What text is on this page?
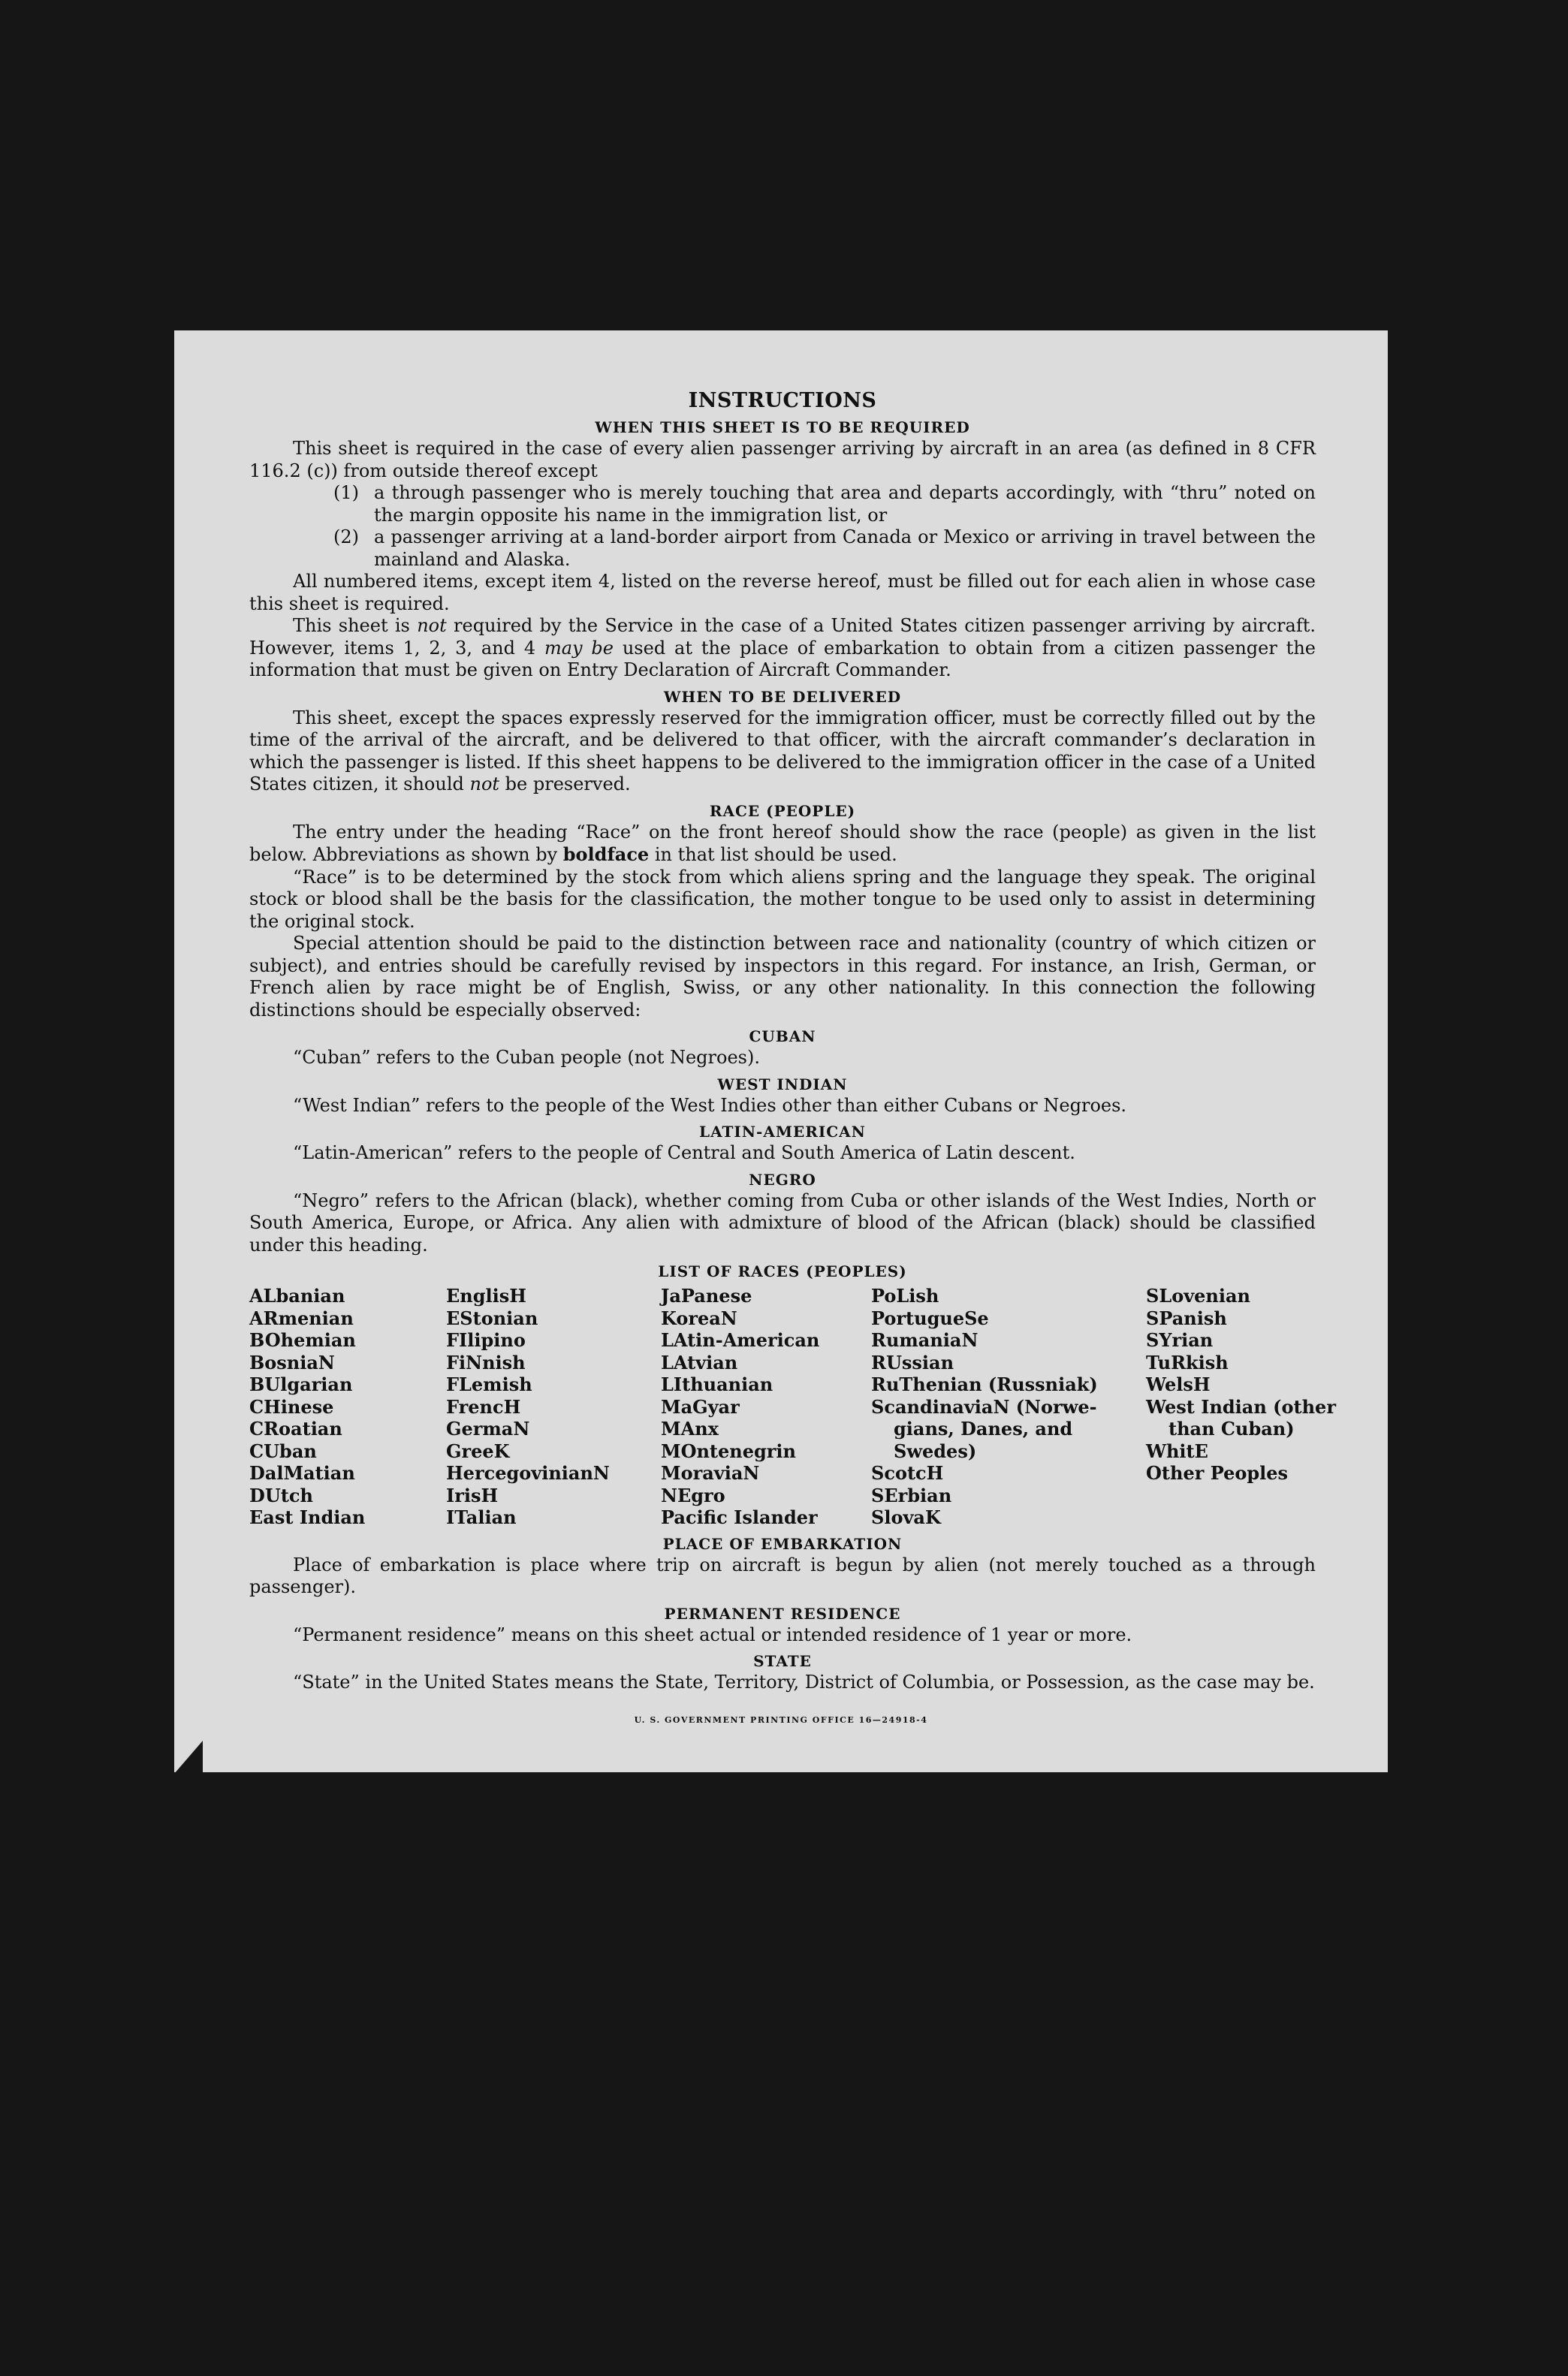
INSTRUCTIONS
WHEN THIS SHEET IS TO BE REQUIRED

This sheet is required in the case of every alien passenger arriving by aircraft in an area (as defined in 8 CFR 116.2 (c)) from outside thereof except

(1) a through passenger who is merely touching that area and departs accordingly, with “thru” noted on the margin opposite his name in the immigration list, or
(2) a passenger arriving at a land-border airport from Canada or Mexico or arriving in travel between the mainland and Alaska.

All numbered items, except item 4, listed on the reverse hereof, must be filled out for each alien in whose case this sheet is required.

This sheet is not required by the Service in the case of a United States citizen passenger arriving by aircraft. However, items 1, 2, 3, and 4 may be used at the place of embarkation to obtain from a citizen passenger the information that must be given on Entry Declaration of Aircraft Commander.

WHEN TO BE DELIVERED

This sheet, except the spaces expressly reserved for the immigration officer, must be correctly filled out by the time of the arrival of the aircraft, and be delivered to that officer, with the aircraft commander’s declaration in which the passenger is listed. If this sheet happens to be delivered to the immigration officer in the case of a United States citizen, it should not be preserved.

RACE (PEOPLE)

The entry under the heading “Race” on the front hereof should show the race (people) as given in the list below. Abbreviations as shown by boldface in that list should be used.

“Race” is to be determined by the stock from which aliens spring and the language they speak. The original stock or blood shall be the basis for the classification, the mother tongue to be used only to assist in determining the original stock.

Special attention should be paid to the distinction between race and nationality (country of which citizen or subject), and entries should be carefully revised by inspectors in this regard. For instance, an Irish, German, or French alien by race might be of English, Swiss, or any other nationality. In this connection the following distinctions should be especially observed:

CUBAN

“Cuban” refers to the Cuban people (not Negroes).

WEST INDIAN

“West Indian” refers to the people of the West Indies other than either Cubans or Negroes.

LATIN-AMERICAN

“Latin-American” refers to the people of Central and South America of Latin descent.

NEGRO

“Negro” refers to the African (black), whether coming from Cuba or other islands of the West Indies, North or South America, Europe, or Africa. Any alien with admixture of blood of the African (black) should be classified under this heading.

LIST OF RACES (PEOPLES)
ALbanian
ARmenian
BOhemian
BosniaN
BUlgarian
CHinese
CRoatian
CUban
DalMatian
DUtch
East Indian
EnglisH
EStonian
FIlipino
FiNnish
FLemish
FrencH
GermaN
GreeK
HercegovinianN
IrisH
ITalian
JaPanese
KoreaN
LAtin-American
LAtvian
LIthuanian
MaGyar
MAnx
MOntenegrin
MoraviaN
NEgro
Pacific Islander
PoLish
PortugueSe
RumaniaN
RUssian
RuThenian (Russniak)
ScandinaviaN (Norwe-
gians, Danes, and
Swedes)
ScotcH
SErbian
SlovaK
SLovenian
SPanish
SYrian
TuRkish
WelsH
West Indian (other
than Cuban)
WhitE
Other Peoples
PLACE OF EMBARKATION

Place of embarkation is place where trip on aircraft is begun by alien (not merely touched as a through passenger).

PERMANENT RESIDENCE

“Permanent residence” means on this sheet actual or intended residence of 1 year or more.

STATE

“State” in the United States means the State, Territory, District of Columbia, or Possession, as the case may be.

U. S. GOVERNMENT PRINTING OFFICE 16—24918-4
